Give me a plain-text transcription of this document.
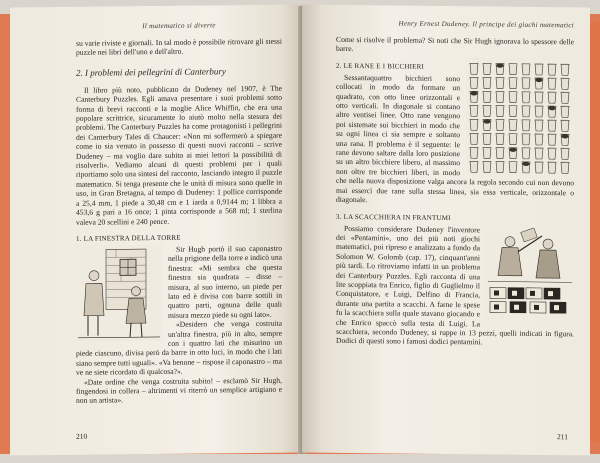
Il matematico si diverte

su varie riviste e giornali. In tal modo è possibile ritrovare gli stessi puzzle nei libri dell'uno e dell'altro.

2. I problemi dei pellegrini di Canterbury

Il libro più noto, pubblicato da Dudeney nel 1907, è The Canterbury Puzzles. Egli amava presentare i suoi problemi sotto forma di brevi racconti e la moglie Alice Whiffin, che era una popolare scrittrice, sicuramente lo aiutò molto nella stesura dei problemi. The Canterbury Puzzles ha come protagonisti i pellegrini dei Canterbury Tales di Chaucer: «Non mi soffermerò a spiegare come io sia venuto in possesso di questi nuovi racconti – scrive Dudeney – ma voglio dare subito ai miei lettori la possibilità di risolverli». Vediamo alcuni di questi problemi per i quali riportiamo solo una sintesi del racconto, lasciando integro il puzzle matematico. Si tenga presente che le unità di misura sono quelle in uso, in Gran Bretagna, al tempo di Dudeney: 1 pollice corrisponde a 25,4 mm, 1 piede a 30,48 cm e 1 iarda a 0,9144 m; 1 libbra a 453,6 g pari a 16 once; 1 pinta corrisponde a 568 ml; 1 sterlina valeva 20 scellini e 240 pence.

1. LA FINESTRA DELLA TORRE

Sir Hugh portò il suo caponastro nella prigione della torre e indicò una finestra: «Mi sembra che questa finestra sia quadrata – disse – misura, al suo interno, un piede per lato ed è divisa con barre sottili in quattro parti, ognuna delle quali misura mezzo piede su ogni lato».

«Desidero che venga costruita un'altra finestra, più in alto, sempre con i quattro lati che misurino un piede ciascuno, divisa però da barre in otto luci, in modo che i lati siano sempre tutti uguali». «Va benone – rispose il caponastro – ma ve ne siete ricordato di qualcosa?».

«Date ordine che venga costruita subito! – esclamò Sir Hugh, fingendosi in collera – altrimenti vi riterrò un semplice artigiano e non un artista».

210
Henry Ernest Dudeney. Il principe dei giochi matematici

Come si risolve il problema? Si noti che Sir Hugh ignorava lo spessore delle barre.

2. LE RANE E I BICCHIERI

Sessantaquattro bicchieri sono collocati in modo da formare un quadrato, con otto linee orizzontali e otto verticali. In diagonale si contano altre ventisei linee. Otto rane vengono poi sistemate sui bicchieri in modo che su ogni linea ci sia sempre e soltanto una rana. Il problema è il seguente: le rane devono saltare dalla loro posizione su un altro bicchiere libero, al massimo non oltre tre bicchieri liberi, in modo che nella nuova disposizione valga ancora la regola secondo cui non devono mai essercì due rane sulla stessa linea, sia essa verticale, orizzontale o diagonale.

3. LA SCACCHIERA IN FRANTUMI

Possiamo considerare Dudeney l'inventore dei «Pentamini», uno dei più noti giochi matematici, poi ripreso e analizzato a fondo da Solomon W. Golomb (cap. 17), cinquant'anni più tardi. Lo ritroviamo infatti in un problema dei Canterbury Puzzles. Egli racconta di una lite scoppiata tra Enrico, figlio di Guglielmo il Conquistatore, e Luigi, Delfino di Francia, durante una partita a scacchi. A farne le spese fu la scacchiera sulla quale stavano giocando e che Enrico spaccò sulla testa di Luigi. La scacchiera, secondo Dudeney, si ruppe in 13 pezzi, quelli indicati in figura. Dodici di questi sono i famosi dodici pentamini.

211
